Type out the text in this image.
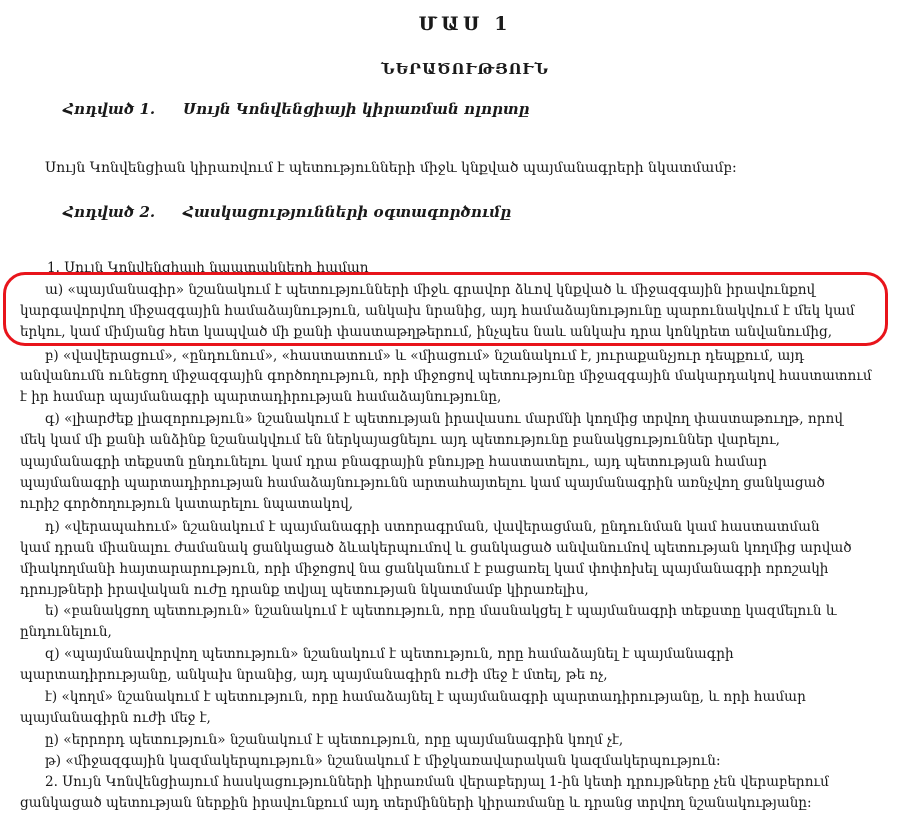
ՄԱՍ 1
ՆԵՐԱԾՈՒԹՅՈՒՆ
Հոդված 1. Սույն Կոնվենցիայի կիրառման ոլորտը
Սույն Կոնվենցիան կիրառվում է պետությունների միջև կնքված պայմանագրերի նկատմամբ։
Հոդված 2. Հասկացությունների օգտագործումը
1. Սույն Կոնվենցիայի նպատակների համար
ա) «պայմանագիր» նշանակում է պետությունների միջև գրավոր ձևով կնքված և միջազգային իրավունքով
կարգավորվող միջազգային համաձայնություն, անկախ նրանից, այդ համաձայնությունը պարունակվում է մեկ կամ
երկու, կամ միմյանց հետ կապված մի քանի փաստաթղթերում, ինչպես նաև անկախ դրա կոնկրետ անվանումից,
բ) «վավերացում», «ընդունում», «հաստատում» և «միացում» նշանակում է, յուրաքանչյուր դեպքում, այդ
անվանումն ունեցող միջազգային գործողություն, որի միջոցով պետությունը միջազգային մակարդակով հաստատում
է իր համար պայմանագրի պարտադիրության համաձայնությունը,
գ) «լիարժեք լիազորություն» նշանակում է պետության իրավասու մարմնի կողմից տրվող փաստաթուղթ, որով
մեկ կամ մի քանի անձինք նշանակվում են ներկայացնելու այդ պետությունը բանակցություններ վարելու,
պայմանագրի տեքստն ընդունելու կամ դրա բնագրային բնույթը հաստատելու, այդ պետության համար
պայմանագրի պարտադիրության համաձայնությունն արտահայտելու կամ պայմանագրին առնչվող ցանկացած
ուրիշ գործողություն կատարելու նպատակով,
դ) «վերապահում» նշանակում է պայմանագրի ստորագրման, վավերացման, ընդունման կամ հաստատման
կամ դրան միանալու ժամանակ ցանկացած ձևակերպումով և ցանկացած անվանումով պետության կողմից արված
միակողմանի հայտարարություն, որի միջոցով նա ցանկանում է բացառել կամ փոփոխել պայմանագրի որոշակի
դրույթների իրավական ուժը դրանք տվյալ պետության նկատմամբ կիրառելիս,
ե) «բանակցող պետություն» նշանակում է պետություն, որը մասնակցել է պայմանագրի տեքստը կազմելուն և
ընդունելուն,
զ) «պայմանավորվող պետություն» նշանակում է պետություն, որը համաձայնել է պայմանագրի
պարտադիրությանը, անկախ նրանից, այդ պայմանագիրն ուժի մեջ է մտել, թե ոչ,
է) «կողմ» նշանակում է պետություն, որը համաձայնել է պայմանագրի պարտադիրությանը, և որի համար
պայմանագիրն ուժի մեջ է,
ը) «երրորդ պետություն» նշանակում է պետություն, որը պայմանագրին կողմ չէ,
թ) «միջազգային կազմակերպություն» նշանակում է միջկառավարական կազմակերպություն։
2. Սույն Կոնվենցիայում հասկացությունների կիրառման վերաբերյալ 1-ին կետի դրույթները չեն վերաբերում
ցանկացած պետության ներքին իրավունքում այդ տերմինների կիրառմանը և դրանց տրվող նշանակությանը։
